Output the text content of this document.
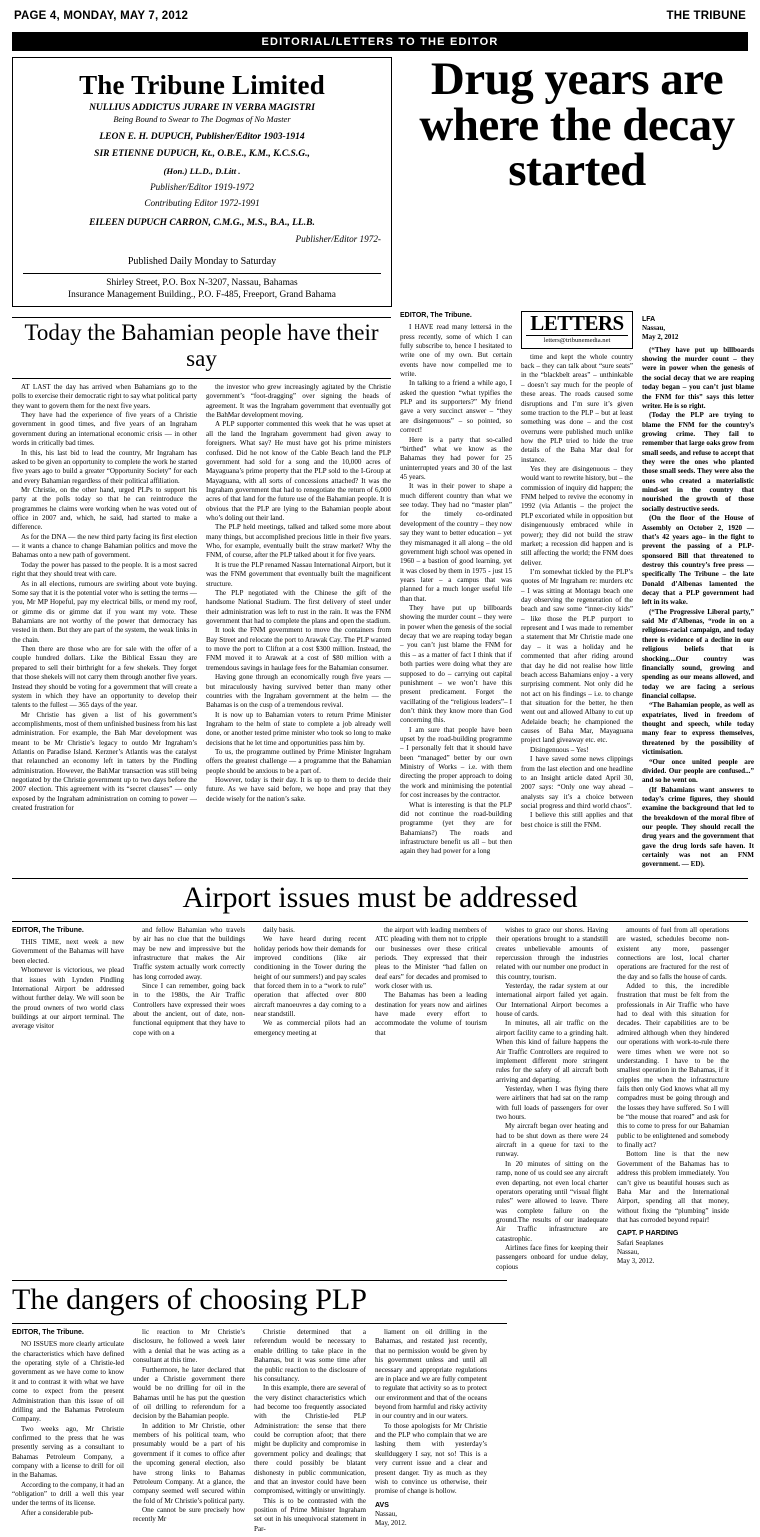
PAGE 4, MONDAY, MAY 7, 2012	THE TRIBUNE
EDITORIAL/LETTERS TO THE EDITOR
The Tribune Limited

NULLIUS ADDICTUS JURARE IN VERBA MAGISTRI

Being Bound to Swear to The Dogmas of No Master

LEON E. H. DUPUCH, Publisher/Editor 1903-1914

SIR ETIENNE DUPUCH, Kt., O.B.E., K.M., K.C.S.G.,

(Hon.) LL.D., D.Litt .

Publisher/Editor 1919-1972

Contributing Editor 1972-1991

EILEEN DUPUCH CARRON, C.M.G., M.S., B.A., LL.B.

Publisher/Editor 1972-

Published Daily Monday to Saturday

Shirley Street, P.O. Box N-3207, Nassau, Bahamas

Insurance Management Building., P.O. F-485, Freeport, Grand Bahama

Drug years are where the decay started
Today the Bahamian people have their say

AT LAST the day has arrived when Bahamians go to the polls to exercise their democratic right to say what political party they want to govern them for the next five years.

They have had the experience of five years of a Christie government in good times, and five years of an Ingraham government during an international economic crisis — in other words in critically bad times.

In this, his last bid to lead the country, Mr Ingraham has asked to be given an opportunity to complete the work he started five years ago to build a greater “Opportunity Society” for each and every Bahamian regardless of their political affiliation.

Mr Christie, on the other hand, urged PLPs to support his party at the polls today so that he can reintroduce the programmes he claims were working when he was voted out of office in 2007 and, which, he said, had started to make a difference.

As for the DNA — the new third party facing its first election — it wants a chance to change Bahamian politics and move the Bahamas onto a new path of government.

Today the power has passed to the people. It is a most sacred right that they should treat with care.

As in all elections, rumours are swirling about vote buying. Some say that it is the potential voter who is setting the terms — you, Mr MP Hopeful, pay my electrical bills, or mend my roof, or gimme dis or gimme dat if you want my vote. These Bahamians are not worthy of the power that democracy has vested in them. But they are part of the system, the weak links in the chain.

Then there are those who are for sale with the offer of a couple hundred dollars. Like the Biblical Essau they are prepared to sell their birthright for a few shekels. They forget that those shekels will not carry them through another five years. Instead they should be voting for a government that will create a system in which they have an opportunity to develop their talents to the fullest — 365 days of the year.

Mr Christie has given a list of his government’s accomplishments, most of them unfinished business from his last administration. For example, the Bah Mar development was meant to be Mr Christie’s legacy to outdo Mr Ingraham’s Atlantis on Paradise Island. Kerzner’s Atlantis was the catalyst that relaunched an economy left in tatters by the Pindling administration. However, the BahMar transaction was still being negotiated by the Christie government up to two days before the 2007 election. This agreement with its “secret clauses” — only exposed by the Ingraham administration on coming to power — created frustration for

the investor who grew increasingly agitated by the Christie government’s “foot-dragging” over signing the heads of agreement. It was the Ingraham government that eventually got the BahMar development moving.

A PLP supporter commented this week that he was upset at all the land the Ingraham government had given away to foreigners. What say? He must have got his prime ministers confused. Did he not know of the Cable Beach land the PLP government had sold for a song and the 10,000 acres of Mayaguana’s prime property that the PLP sold to the I-Group at Mayaguana, with all sorts of concessions attached? It was the Ingraham government that had to renegotiate the return of 6,000 acres of that land for the future use of the Bahamian people. It is obvious that the PLP are lying to the Bahamian people about who’s doling out their land.

The PLP held meetings, talked and talked some more about many things, but accomplished precious little in their five years. Who, for example, eventually built the straw market? Why the FNM, of course, after the PLP talked about it for five years.

It is true the PLP renamed Nassau International Airport, but it was the FNM government that eventually built the magnificent structure.

The PLP negotiated with the Chinese the gift of the handsome National Stadium. The first delivery of steel under their administration was left to rust in the rain. It was the FNM government that had to complete the plans and open the stadium.

It took the FNM government to move the containers from Bay Street and relocate the port to Arawak Cay. The PLP wanted to move the port to Clifton at a cost $300 million. Instead, the FNM moved it to Arawak at a cost of $80 million with a tremendous savings in haulage fees for the Bahamian consumer.

Having gone through an economically rough five years — but miraculously having survived better than many other countries with the Ingraham government at the helm — the Bahamas is on the cusp of a tremendous revival.

It is now up to Bahamian voters to return Prime Minister Ingraham to the helm of state to complete a job already well done, or another tested prime minister who took so long to make decisions that he let time and opportunities pass him by.

To us, the programme outlined by Prime Minister Ingraham offers the greatest challenge — a programme that the Bahamian people should be anxious to be a part of.

However, today is their day. It is up to them to decide their future. As we have said before, we hope and pray that they decide wisely for the nation’s sake.

EDITOR, The Tribune.

I HAVE read many lettersá in the press recently, some of which I can fully subscribe to, hence I hesitated to write one of my own. But certain events have now compelled me to write.

In talking to a friend a while ago, I asked the question “what typifies the PLP and its supporters?” My friend gave a very succinct answer – “they are disingenuous” – so pointed, so correct!

Here is a party that so-called “birthed” what we know as the Bahamas they had power for 25 uninterrupted years and 30 of the last 45 years.

It was in their power to shape a much different country than what we see today. They had no “master plan” for the timely co-ordinated development of the country – they now say they want to better education – yet they mismanaged it all along – the old government high school was opened in 1960 – a bastion of good learning, yet it was closed by them in 1975 - just 15 years later – a campus that was planned for a much longer useful life than that.

They have put up billboards showing the murder count – they were in power when the genesis of the social decay that we are reaping today began – you can’t just blame the FNM for this – as a matter of fact I think that if both parties were doing what they are supposed to do – carrying out capital punishment – we won’t have this present predicament. Forget the vacillating of the “religious leaders”– I don’t think they know more than God concerning this.

I am sure that people have been upset by the road-building programme – I personally felt that it should have been “managed” better by our own Ministry of Works – i.e. with them directing the proper approach to doing the work and minimising the potential for cost increases by the contractor.

What is interesting is that the PLP did not continue the road-building programme (yet they are for Bahamians?) The roads and infrastructure benefit us all – but then again they had power for a long

LETTERS
letters@tribunemedia.net

time and kept the whole country back – they can talk about “sure seats” in the “blackbelt areas” – unthinkable – doesn’t say much for the people of these areas. The roads caused some disruptions and I’m sure it’s given some traction to the PLP – but at least something was done – and the cost overruns were published much unlike how the PLP tried to hide the true details of the Baha Mar deal for instance.

Yes they are disingenuous – they would want to rewrite history, but – the commission of inquiry did happen; the FNM helped to revive the economy in 1992 (via Atlantis – the project the PLP excoriated while in opposition but disingenuously embraced while in power); they did not build the straw market; a recession did happen and is still affecting the world; the FNM does deliver.

I’m somewhat tickled by the PLP’s quotes of Mr Ingraham re: murders etc – I was sitting at Montagu beach one day observing the regeneration of the beach and saw some “inner-city kids” – like those the PLP purport to represent and I was made to remember a statement that Mr Christie made one day – it was a holiday and he commented that after riding around that day he did not realise how little beach access Bahamians enjoy - a very surprising comment. Not only did he not act on his findings – i.e. to change that situation for the better, he then went out and allowed Albany to cut up Adelaide beach; he championed the causes of Baha Mar, Mayaguana project land giveaway etc. etc.

Disingenuous – Yes!

I have saved some news clippings from the last election and one headline to an Insight article dated April 30, 2007 says: “Only one way ahead – analysts say it’s a choice between social progress and third world chaos”.

I believe this still applies and that best choice is still the FNM.

LFA

Nassau,

May 2, 2012

(“They have put up billboards showing the murder count – they were in power when the genesis of the social decay that we are reaping today began – you can’t just blame the FNM for this” says this letter writer. He is so right.

(Today the PLP are trying to blame the FNM for the country’s growing crime. They fail to remember that large oaks grow from small seeds, and refuse to accept that they were the ones who planted those small seeds. They were also the ones who created a materialistic mind-set in the country that nourished the growth of those socially destructive seeds.

(On the floor of the House of Assembly on October 2, 1920 — that’s 42 years ago– in the fight to prevent the passing of a PLP-sponsored Bill that threatened to destroy this country’s free press — specifically The Tribune – the late Donald d’Albenas lamented the decay that a PLP government had left in its wake.

(“The Progressive Liberal party,” said Mr d’Albenas, “rode in on a religious-racial campaign, and today there is evidence of a decline in our religious beliefs that is shocking....Our country was financially sound, growing and spending as our means allowed, and today we are facing a serious financial collapse.

“The Bahamian people, as well as expatriates, lived in freedom of thought and speech, while today many fear to express themselves, threatened by the possibility of victimisation.

“Our once united people are divided. Our people are confused...” and so he went on.

(If Bahamians want answers to today’s crime figures, they should examine the background that led to the breakdown of the moral fibre of our people. They should recall the drug years and the government that gave the drug lords safe haven. It certainly was not an FNM government. — ED).

Airport issues must be addressed

EDITOR, The Tribune.

THIS TIME, next week a new Government of the Bahamas will have been elected.

Whomever is victorious, we plead that issues with Lynden Pindling International Airport be addressed without further delay. We will soon be the proud owners of two world class buildings at our airport terminal. The average visitor

and fellow Bahamian who travels by air has no clue that the buildings may be new and impressive but the infrastructure that makes the Air Traffic system actually work correctly has long corroded away.

Since I can remember, going back in to the 1980s, the Air Traffic Controllers have expressed their woes about the ancient, out of date, non-functional equipment that they have to cope with on a

daily basis.

We have heard during recent holiday periods how their demands for improved conditions (like air conditioning in the Tower during the height of our summers!) and pay scales that forced them in to a “work to rule” operation that affected over 800 aircraft manoeuvres a day coming to a near standstill.

We as commercial pilots had an emergency meeting at

the airport with leading members of ATC pleading with them not to cripple our businesses over these critical periods. They expressed that their pleas to the Minister “had fallen on deaf ears” for decades and promised to work closer with us.

The Bahamas has been a leading destination for years now and airlines have made every effort to accommodate the volume of tourism that

wishes to grace our shores. Having their operations brought to a standstill creates unbelievable amounts of repercussion through the industries related with our number one product in this country, tourism.

Yesterday, the radar system at our international airport failed yet again. Our International Airport becomes a house of cards.

In minutes, all air traffic on the airport facility came to a grinding halt. When this kind of failure happens the Air Traffic Controllers are required to implement different more stringent rules for the safety of all aircraft both arriving and departing.

Yesterday, when I was flying there were airliners that had sat on the ramp with full loads of passengers for over two hours.

My aircraft began over heating and had to be shut down as there were 24 aircraft in a queue for taxi to the runway.

In 20 minutes of sitting on the ramp, none of us could see any aircraft even departing, not even local charter operators operating until “visual flight rules” were allowed to leave. There was complete failure on the ground.The results of our inadequate Air Traffic infrastructure are catastrophic.

Airlines face fines for keeping their passengers onboard for undue delay, copious

amounts of fuel from all operations are wasted, schedules become non-existent any more, passenger connections are lost, local charter operations are fractured for the rest of the day and so falls the house of cards.

Added to this, the incredible frustration that must be felt from the professionals in Air Traffic who have had to deal with this situation for decades. Their capabilities are to be admired although when they hindered our operations with work-to-rule there were times when we were not so understanding. I have to be the smallest operation in the Bahamas, if it cripples me when the infrastructure fails then only God knows what all my compadres must be going through and the losses they have suffered. So I will be “the mouse that roared” and ask for this to come to press for our Bahamian public to be enlightened and somebody to finally act?

Bottom line is that the new Government of the Bahamas has to address this problem immediately. You can’t give us beautiful houses such as Baha Mar and the International Airport, spending all that money, without fixing the “plumbing” inside that has corroded beyond repair!

CAPT. P HARDING

Safari Seaplanes

Nassau,

May 3, 2012.

The dangers of choosing PLP

EDITOR, The Tribune.

NO ISSUES more clearly articulate the characteristics which have defined the operating style of a Christie-led government as we have come to know it and to contrast it with what we have come to expect from the present Administration than this issue of oil drilling and the Bahamas Petroleum Company.

Two weeks ago, Mr Christie confirmed to the press that he was presently serving as a consultant to Bahamas Petroleum Company, a company with a license to drill for oil in the Bahamas.

According to the company, it had an “obligation” to drill a well this year under the terms of its license.

After a considerable pub-

lic reaction to Mr Christie’s disclosure, he followed a week later with a denial that he was acting as a consultant at this time.

Furthermore, he later declared that under a Christie government there would be no drilling for oil in the Bahamas until he has put the question of oil drilling to referendum for a decision by the Bahamian people.

In addition to Mr Christie, other members of his political team, who presumably would be a part of his government if it comes to office after the upcoming general election, also have strong links to Bahamas Petroleum Company. At a glance, the company seemed well secured within the fold of Mr Christie’s political party.

One cannot be sure precisely how recently Mr

Christie determined that a referendum would be necessary to enable drilling to take place in the Bahamas, but it was some time after the public reaction to the disclosure of his consultancy.

In this example, there are several of the very distinct characteristics which had become too frequently associated with the Christie-led PLP Administration: the sense that there could be corruption afoot; that there might be duplicity and compromise in government policy and dealings; that there could possibly be blatant dishonesty in public communication, and that an investor could have been compromised, wittingly or unwittingly.

This is to be contrasted with the position of Prime Minister Ingraham set out in his unequivocal statement in Par-

liament on oil drilling in the Bahamas, and restated just recently, that no permission would be given by his government unless and until all necessary and appropriate regulations are in place and we are fully competent to regulate that activity so as to protect our environment and that of the oceans beyond from harmful and risky activity in our country and in our waters.

To those apologists for Mr Christie and the PLP who complain that we are lashing them with yesterday’s skullduggery I say, not so! This is a very current issue and a clear and present danger. Try as much as they wish to convince us otherwise, their promise of change is hollow.

AVS

Nassau,

May, 2012.
